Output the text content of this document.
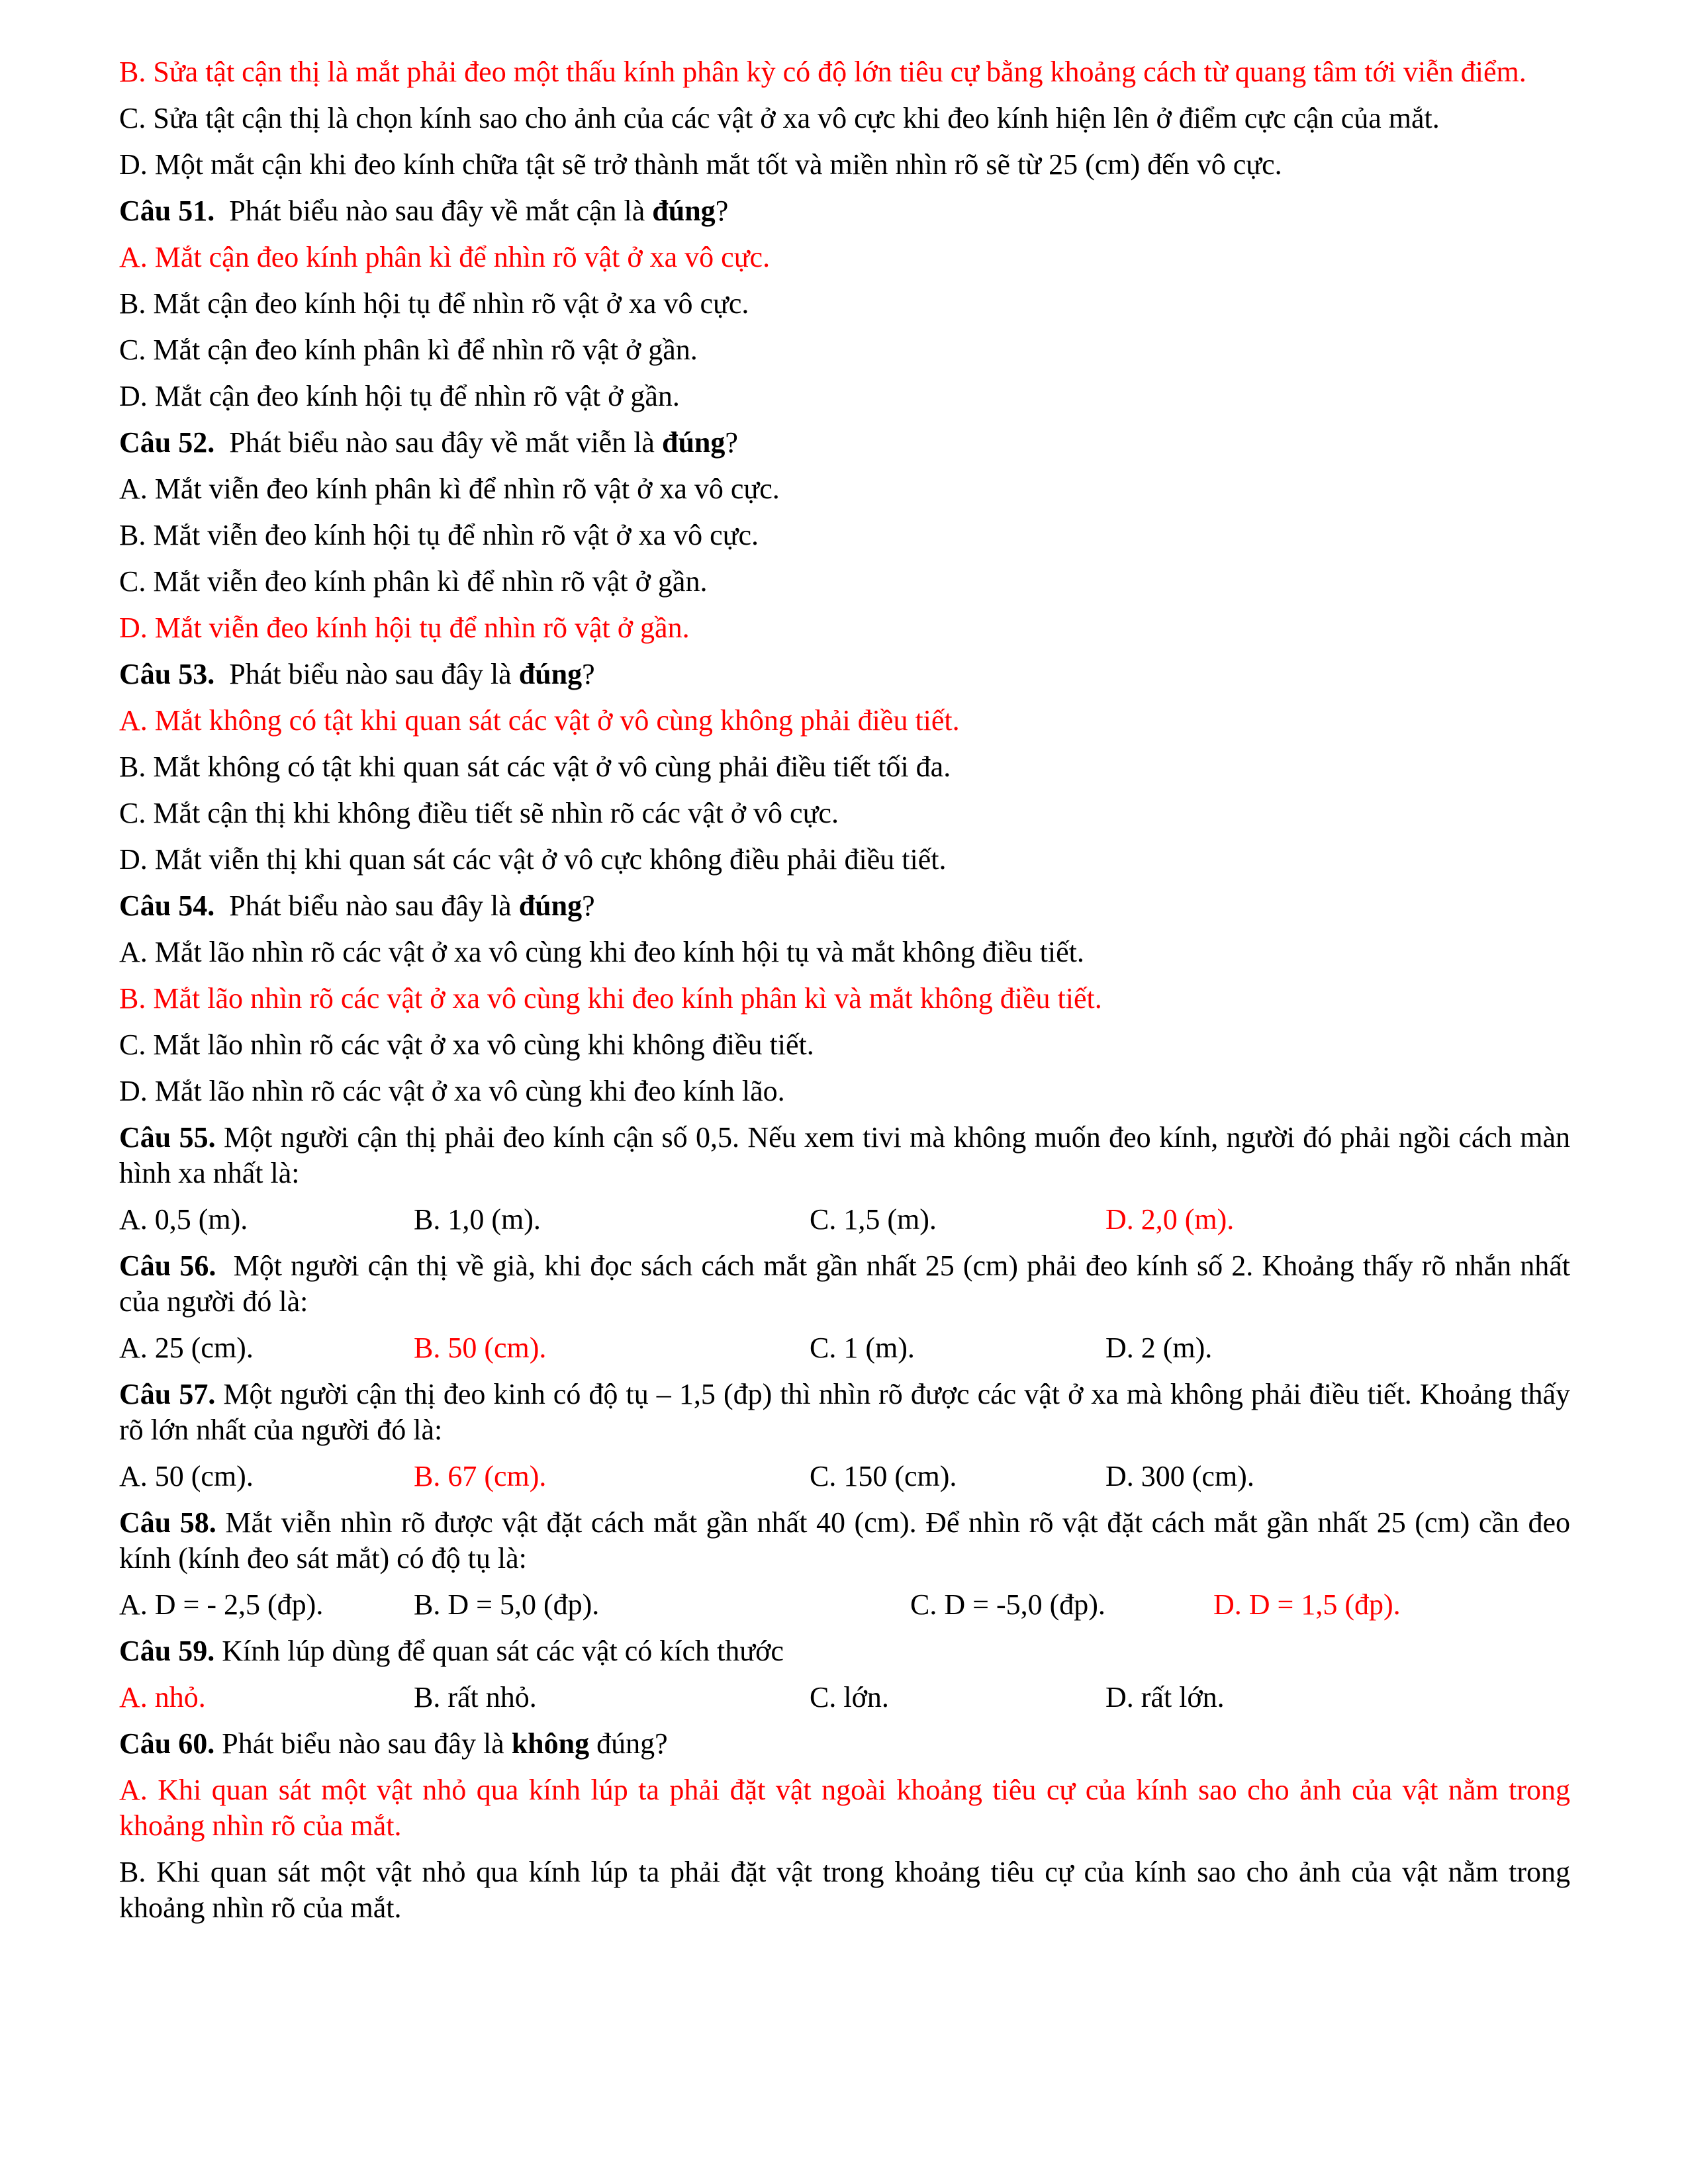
B. Sửa tật cận thị là mắt phải đeo một thấu kính phân kỳ có độ lớn tiêu cự bằng khoảng cách từ quang tâm tới viễn điểm.

C. Sửa tật cận thị là chọn kính sao cho ảnh của các vật ở xa vô cực khi đeo kính hiện lên ở điểm cực cận của mắt.

D. Một mắt cận khi đeo kính chữa tật sẽ trở thành mắt tốt và miền nhìn rõ sẽ từ 25 (cm) đến vô cực.

Câu 51. Phát biểu nào sau đây về mắt cận là đúng?

A. Mắt cận đeo kính phân kì để nhìn rõ vật ở xa vô cực.

B. Mắt cận đeo kính hội tụ để nhìn rõ vật ở xa vô cực.

C. Mắt cận đeo kính phân kì để nhìn rõ vật ở gần.

D. Mắt cận đeo kính hội tụ để nhìn rõ vật ở gần.

Câu 52. Phát biểu nào sau đây về mắt viễn là đúng?

A. Mắt viễn đeo kính phân kì để nhìn rõ vật ở xa vô cực.

B. Mắt viễn đeo kính hội tụ để nhìn rõ vật ở xa vô cực.

C. Mắt viễn đeo kính phân kì để nhìn rõ vật ở gần.

D. Mắt viễn đeo kính hội tụ để nhìn rõ vật ở gần.

Câu 53. Phát biểu nào sau đây là đúng?

A. Mắt không có tật khi quan sát các vật ở vô cùng không phải điều tiết.

B. Mắt không có tật khi quan sát các vật ở vô cùng phải điều tiết tối đa.

C. Mắt cận thị khi không điều tiết sẽ nhìn rõ các vật ở vô cực.

D. Mắt viễn thị khi quan sát các vật ở vô cực không điều phải điều tiết.

Câu 54. Phát biểu nào sau đây là đúng?

A. Mắt lão nhìn rõ các vật ở xa vô cùng khi đeo kính hội tụ và mắt không điều tiết.

B. Mắt lão nhìn rõ các vật ở xa vô cùng khi đeo kính phân kì và mắt không điều tiết.

C. Mắt lão nhìn rõ các vật ở xa vô cùng khi không điều tiết.

D. Mắt lão nhìn rõ các vật ở xa vô cùng khi đeo kính lão.

Câu 55. Một người cận thị phải đeo kính cận số 0,5. Nếu xem tivi mà không muốn đeo kính, người đó phải ngồi cách màn hình xa nhất là:

A. 0,5 (m).	B. 1,0 (m).	C. 1,5 (m).	D. 2,0 (m).

Câu 56. Một người cận thị về già, khi đọc sách cách mắt gần nhất 25 (cm) phải đeo kính số 2. Khoảng thấy rõ nhắn nhất của người đó là:

A. 25 (cm).	B. 50 (cm).	C. 1 (m).	D. 2 (m).

Câu 57. Một người cận thị đeo kinh có độ tụ – 1,5 (đp) thì nhìn rõ được các vật ở xa mà không phải điều tiết. Khoảng thấy rõ lớn nhất của người đó là:

A. 50 (cm).	B. 67 (cm).	C. 150 (cm).	D. 300 (cm).

Câu 58. Mắt viễn nhìn rõ được vật đặt cách mắt gần nhất 40 (cm). Để nhìn rõ vật đặt cách mắt gần nhất 25 (cm) cần đeo kính (kính đeo sát mắt) có độ tụ là:

A. D = - 2,5 (đp).	B. D = 5,0 (đp).	C. D = -5,0 (đp).	D. D = 1,5 (đp).

Câu 59. Kính lúp dùng để quan sát các vật có kích thước

A. nhỏ.	B. rất nhỏ.	C. lớn.	D. rất lớn.

Câu 60. Phát biểu nào sau đây là không đúng?

A. Khi quan sát một vật nhỏ qua kính lúp ta phải đặt vật ngoài khoảng tiêu cự của kính sao cho ảnh của vật nằm trong khoảng nhìn rõ của mắt.

B. Khi quan sát một vật nhỏ qua kính lúp ta phải đặt vật trong khoảng tiêu cự của kính sao cho ảnh của vật nằm trong khoảng nhìn rõ của mắt.
